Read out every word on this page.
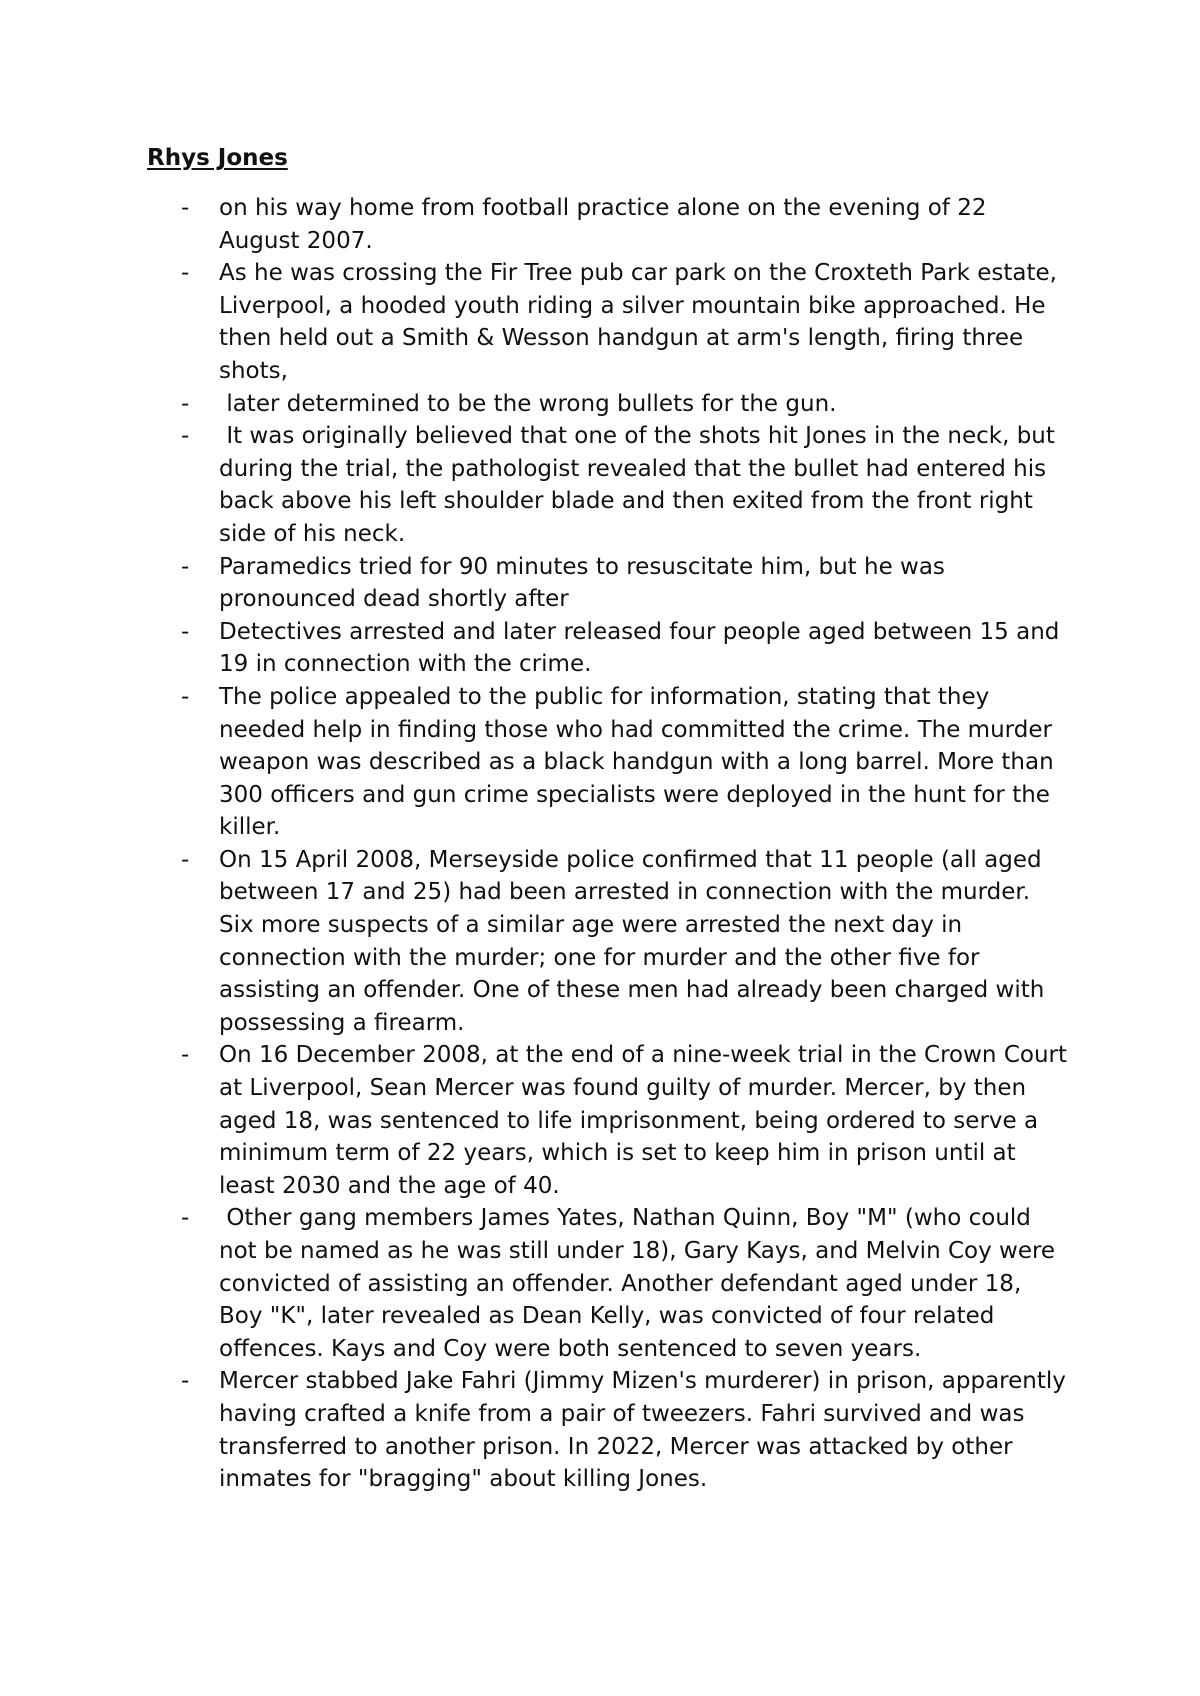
Rhys Jones
- on his way home from football practice alone on the evening of 22 August 2007.
- As he was crossing the Fir Tree pub car park on the Croxteth Park estate, Liverpool, a hooded youth riding a silver mountain bike approached. He then held out a Smith & Wesson handgun at arm's length, firing three shots,
- later determined to be the wrong bullets for the gun.
- It was originally believed that one of the shots hit Jones in the neck, but during the trial, the pathologist revealed that the bullet had entered his back above his left shoulder blade and then exited from the front right side of his neck.
- Paramedics tried for 90 minutes to resuscitate him, but he was pronounced dead shortly after
- Detectives arrested and later released four people aged between 15 and 19 in connection with the crime.
- The police appealed to the public for information, stating that they needed help in finding those who had committed the crime. The murder weapon was described as a black handgun with a long barrel. More than 300 officers and gun crime specialists were deployed in the hunt for the killer.
- On 15 April 2008, Merseyside police confirmed that 11 people (all aged between 17 and 25) had been arrested in connection with the murder. Six more suspects of a similar age were arrested the next day in connection with the murder; one for murder and the other five for assisting an offender. One of these men had already been charged with possessing a firearm.
- On 16 December 2008, at the end of a nine-week trial in the Crown Court at Liverpool, Sean Mercer was found guilty of murder. Mercer, by then aged 18, was sentenced to life imprisonment, being ordered to serve a minimum term of 22 years, which is set to keep him in prison until at least 2030 and the age of 40.
- Other gang members James Yates, Nathan Quinn, Boy "M" (who could not be named as he was still under 18), Gary Kays, and Melvin Coy were convicted of assisting an offender. Another defendant aged under 18, Boy "K", later revealed as Dean Kelly, was convicted of four related offences. Kays and Coy were both sentenced to seven years.
- Mercer stabbed Jake Fahri (Jimmy Mizen's murderer) in prison, apparently having crafted a knife from a pair of tweezers. Fahri survived and was transferred to another prison. In 2022, Mercer was attacked by other inmates for "bragging" about killing Jones.
